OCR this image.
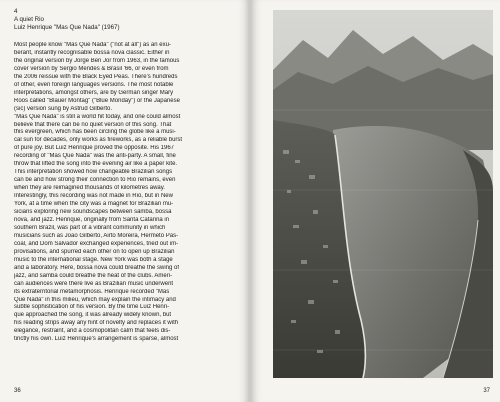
4
A quiet Rio
Luiz Henrique "Mas Que Nada" (1967)
Most people know "Mas Que Nada" ("not at all") as an exu-
berant, instantly recognisable bossa nova classic. Either in
the original version by Jorge Ben Jor from 1963, in the famous
cover version by Sergio Mendes & Brasil '66, or even from
the 2006 reissue with the Black Eyed Peas. There's hundreds
of other, even foreign languages versions. The most notable
interpretations, amongst others, are by German singer Mary
Roos called "Blauer Montag" ("Blue Monday") or the Japanese
(sic) version sung by Astrud Gilberto.
"Mas Que Nada" is still a world hit today, and one could almost
believe that there can be no quiet version of this song. That
this evergreen, which has been circling the globe like a musi-
cal sun for decades, only works as fireworks, as a reliable burst
of pure joy. But Luiz Henrique proved the opposite. His 1967
recording of "Mas Que Nada" was the anti-party. A small, fine
throw that lifted the song into the evening air like a paper kite.
This interpretation showed how changeable Brazilian songs
can be and how strong their connection to Rio remains, even
when they are reimagined thousands of kilometres away.
Interestingly, this recording was not made in Rio, but in New
York, at a time when the city was a magnet for Brazilian mu-
sicians exploring new soundscapes between samba, bossa
nova, and jazz. Henrique, originally from Santa Catarina in
southern Brazil, was part of a vibrant community in which
musicians such as Joao Gilberto, Airto Moreira, Hermeto Pas-
coal, and Dom Salvador exchanged experiences, tried out im-
provisations, and spurred each other on to open up Brazilian
music to the international stage. New York was both a stage
and a laboratory. Here, bossa nova could breathe the swing of
jazz, and samba could breathe the heat of the clubs. Ameri-
can audiences were there live as Brazilian music underwent
its extraterritorial metamorphosis. Henrique recorded "Mas
Que Nada" in this milieu, which may explain the intimacy and
subtle sophistication of his version. By the time Luiz Henri-
que approached the song, it was already widely known, but
his reading strips away any hint of novelty and replaces it with
elegance, restraint, and a cosmopolitan calm that feels dis-
tinctly his own. Luiz Henrique's arrangement is sparse, almost
36	37
